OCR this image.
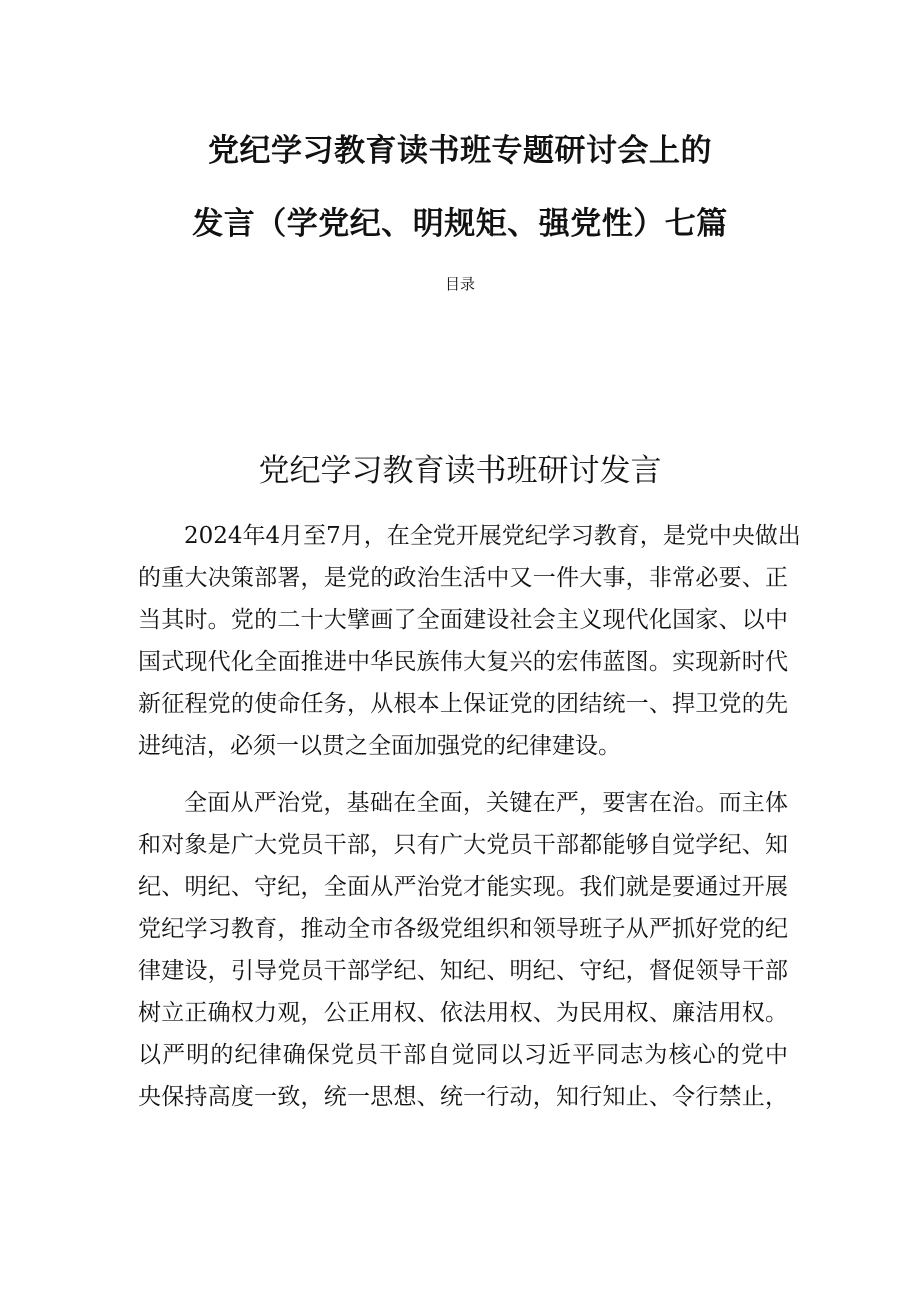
党纪学习教育读书班专题研讨会上的
发言（学党纪、明规矩、强党性）七篇
目录
党纪学习教育读书班研讨发言

2024年4月至7月，在全党开展党纪学习教育，是党中央做出
的重大决策部署，是党的政治生活中又一件大事，非常必要、正
当其时。党的二十大擘画了全面建设社会主义现代化国家、以中
国式现代化全面推进中华民族伟大复兴的宏伟蓝图。实现新时代
新征程党的使命任务，从根本上保证党的团结统一、捍卫党的先
进纯洁，必须一以贯之全面加强党的纪律建设。

全面从严治党，基础在全面，关键在严，要害在治。而主体
和对象是广大党员干部，只有广大党员干部都能够自觉学纪、知
纪、明纪、守纪，全面从严治党才能实现。我们就是要通过开展
党纪学习教育，推动全市各级党组织和领导班子从严抓好党的纪
律建设，引导党员干部学纪、知纪、明纪、守纪，督促领导干部
树立正确权力观，公正用权、依法用权、为民用权、廉洁用权。
以严明的纪律确保党员干部自觉同以习近平同志为核心的党中
央保持高度一致，统一思想、统一行动，知行知止、令行禁止，
